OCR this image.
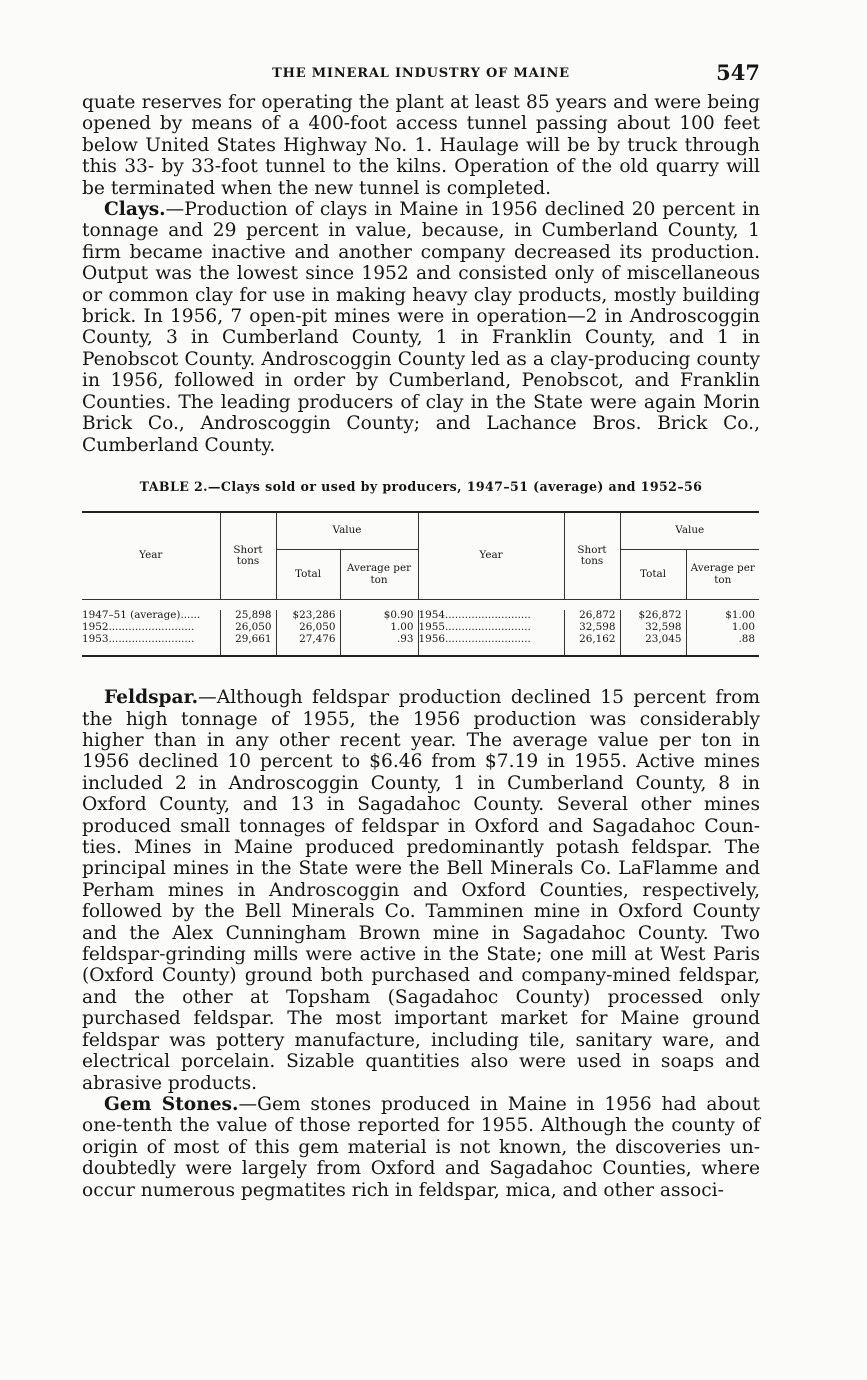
THE MINERAL INDUSTRY OF MAINE	547

quate reserves for operating the plant at least 85 years and were being opened by means of a 400-foot access tunnel passing about 100 feet below United States Highway No. 1. Haulage will be by truck through this 33- by 33-foot tunnel to the kilns. Operation of the old quarry will be terminated when the new tunnel is completed.

Clays.—Production of clays in Maine in 1956 declined 20 percent in tonnage and 29 percent in value, because, in Cumberland County, 1 firm became inactive and another company decreased its production. Output was the lowest since 1952 and consisted only of miscellaneous or common clay for use in making heavy clay products, mostly building brick. In 1956, 7 open-pit mines were in operation—2 in Androscoggin County, 3 in Cumberland County, 1 in Franklin County, and 1 in Penobscot County. Androscoggin County led as a clay-producing county in 1956, followed in order by Cumberland, Penobscot, and Franklin Counties. The leading producers of clay in the State were again Morin Brick Co., Androscoggin County; and Lachance Bros. Brick Co., Cumberland County.

TABLE 2.—Clays sold or used by producers, 1947–51 (average) and 1952–56
Year	Short tons	Value		Year	Short tons	Value	
		Total	Average per ton			Total	Average per ton

1947–51 (average)......	25,898	$23,286	$0.90	1954..........................	26,872	$26,872	$1.00
1952..........................	26,050	26,050	1.00	1955..........................	32,598	32,598	1.00
1953..........................	29,661	27,476	.93	1956..........................	26,162	23,045	.88

Feldspar.—Although feldspar production declined 15 percent from the high tonnage of 1955, the 1956 production was considerably higher than in any other recent year. The average value per ton in 1956 declined 10 percent to $6.46 from $7.19 in 1955. Active mines included 2 in Androscoggin County, 1 in Cumberland County, 8 in Oxford County, and 13 in Sagadahoc County. Several other mines produced small tonnages of feldspar in Oxford and Sagadahoc Counties. Mines in Maine produced predominantly potash feldspar. The principal mines in the State were the Bell Minerals Co. LaFlamme and Perham mines in Androscoggin and Oxford Counties, respectively, followed by the Bell Minerals Co. Tamminen mine in Oxford County and the Alex Cunningham Brown mine in Sagadahoc County. Two feldspar-grinding mills were active in the State; one mill at West Paris (Oxford County) ground both purchased and company-mined feldspar, and the other at Topsham (Sagadahoc County) processed only purchased feldspar. The most important market for Maine ground feldspar was pottery manufacture, including tile, sanitary ware, and electrical porcelain. Sizable quantities also were used in soaps and abrasive products.

Gem Stones.—Gem stones produced in Maine in 1956 had about one-tenth the value of those reported for 1955. Although the county of origin of most of this gem material is not known, the discoveries undoubtedly were largely from Oxford and Sagadahoc Counties, where occur numerous pegmatites rich in feldspar, mica, and other associ-
